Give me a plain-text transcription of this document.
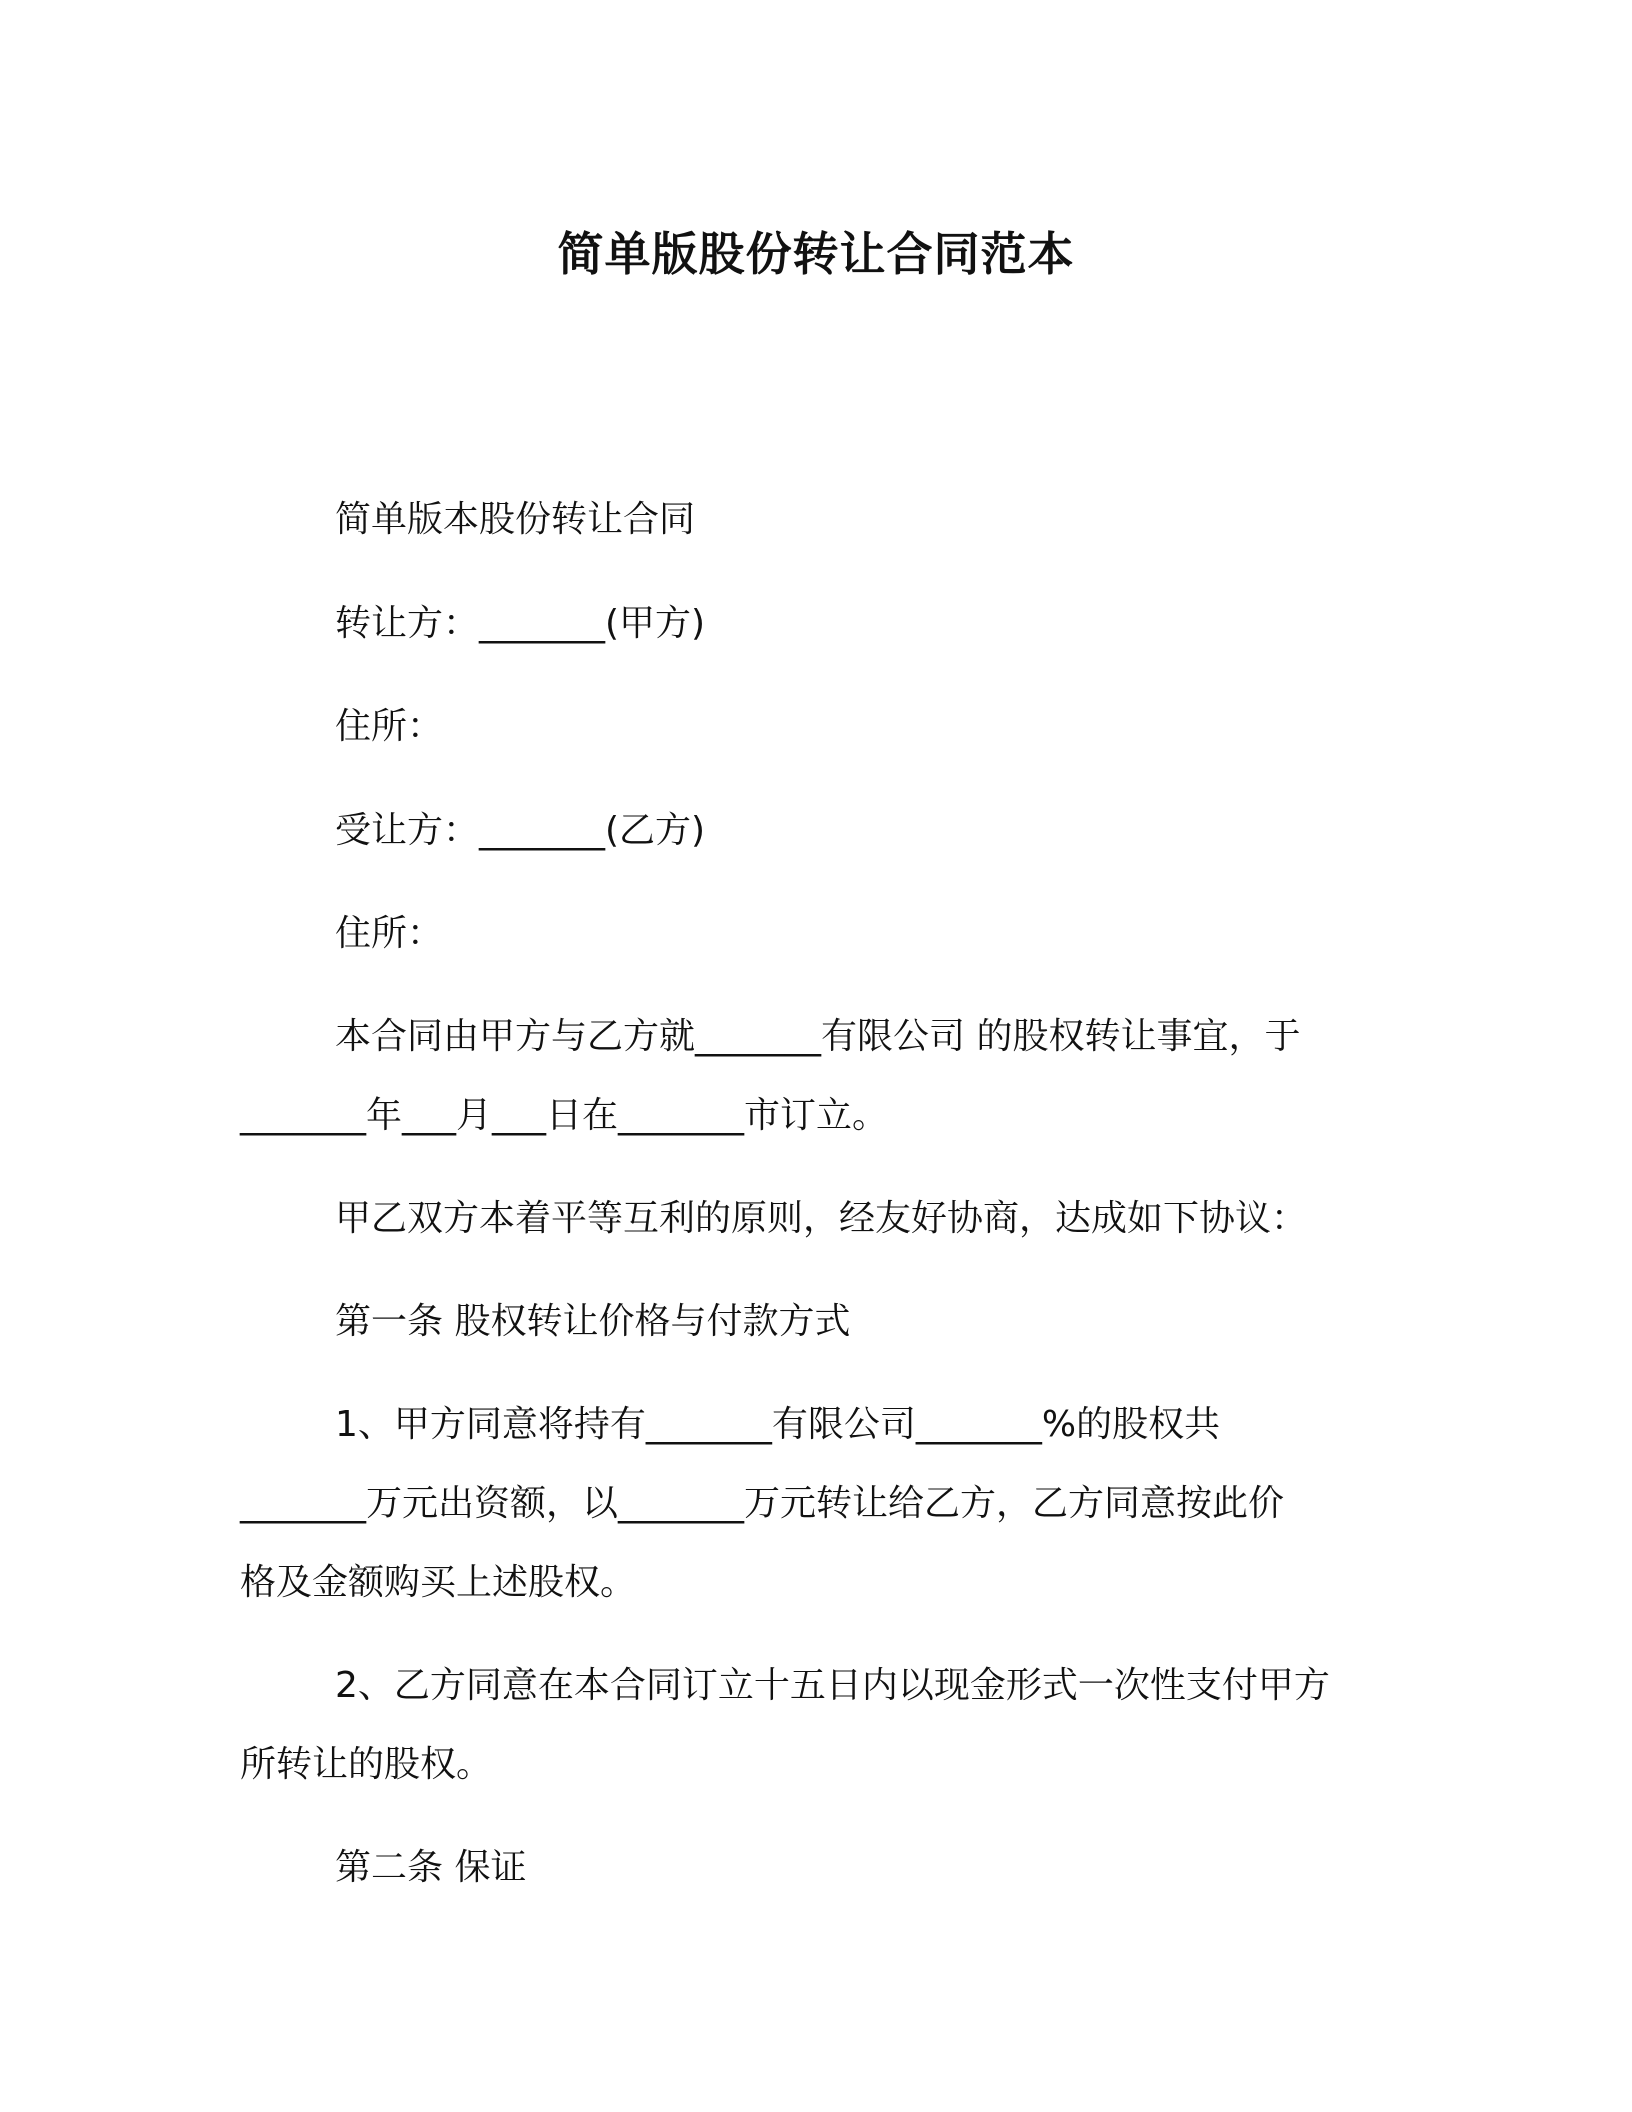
简单版股份转让合同范本
简单版本股份转让合同
转让方：_______(甲方)
住所：
受让方：_______(乙方)
住所：
本合同由甲方与乙方就_______有限公司 的股权转让事宜，于
_______年___月___日在_______市订立。
甲乙双方本着平等互利的原则，经友好协商，达成如下协议：
第一条 股权转让价格与付款方式
1、甲方同意将持有_______有限公司_______%的股权共
_______万元出资额，以_______万元转让给乙方，乙方同意按此价
格及金额购买上述股权。
2、乙方同意在本合同订立十五日内以现金形式一次性支付甲方
所转让的股权。
第二条 保证
